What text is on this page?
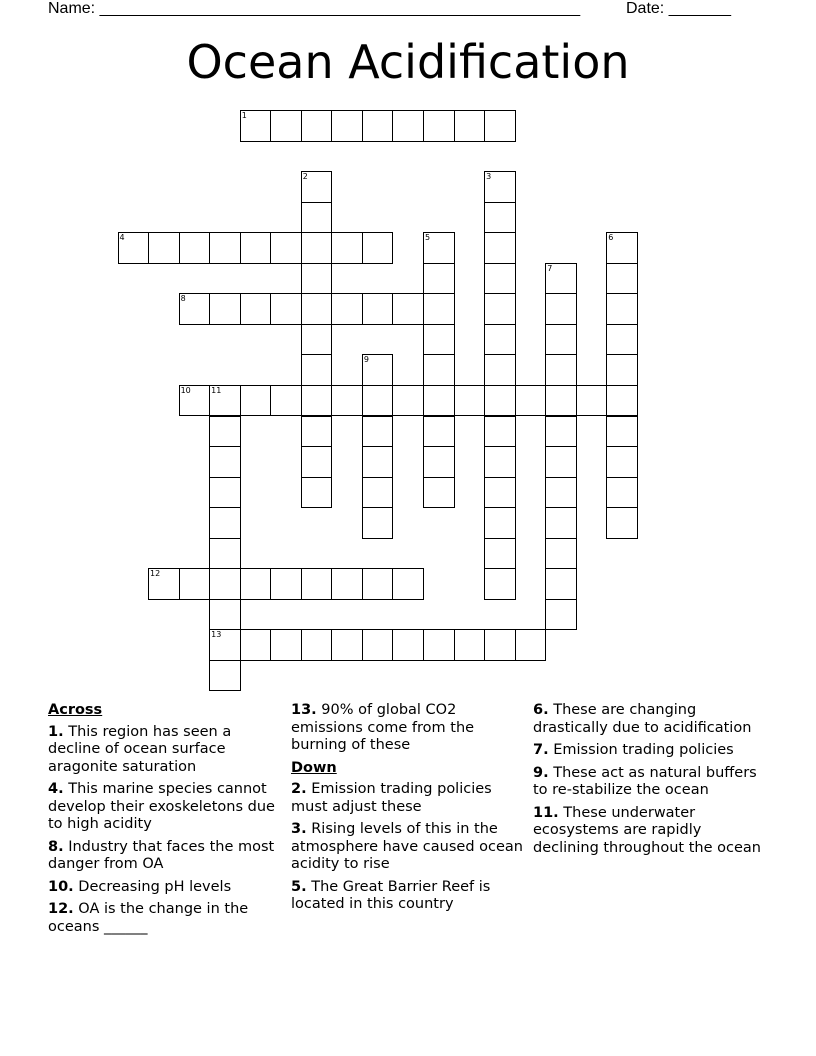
Name: ______________________________________________________	Date: _______
Ocean Acidification
1
2	3
4	5	6
7
8
9
10	11
13
12
Across
1. This region has seen a decline of ocean surface aragonite saturation
4. This marine species cannot develop their exoskeletons due to high acidity
8. Industry that faces the most danger from OA
10. Decreasing pH levels
12. OA is the change in the oceans ______
13. 90% of global CO2 emissions come from the burning of these
Down
2. Emission trading policies must adjust these
3. Rising levels of this in the atmosphere have caused ocean acidity to rise
5. The Great Barrier Reef is located in this country
6. These are changing drastically due to acidification
7. Emission trading policies
9. These act as natural buffers to re-stabilize the ocean
11. These underwater ecosystems are rapidly declining throughout the ocean
